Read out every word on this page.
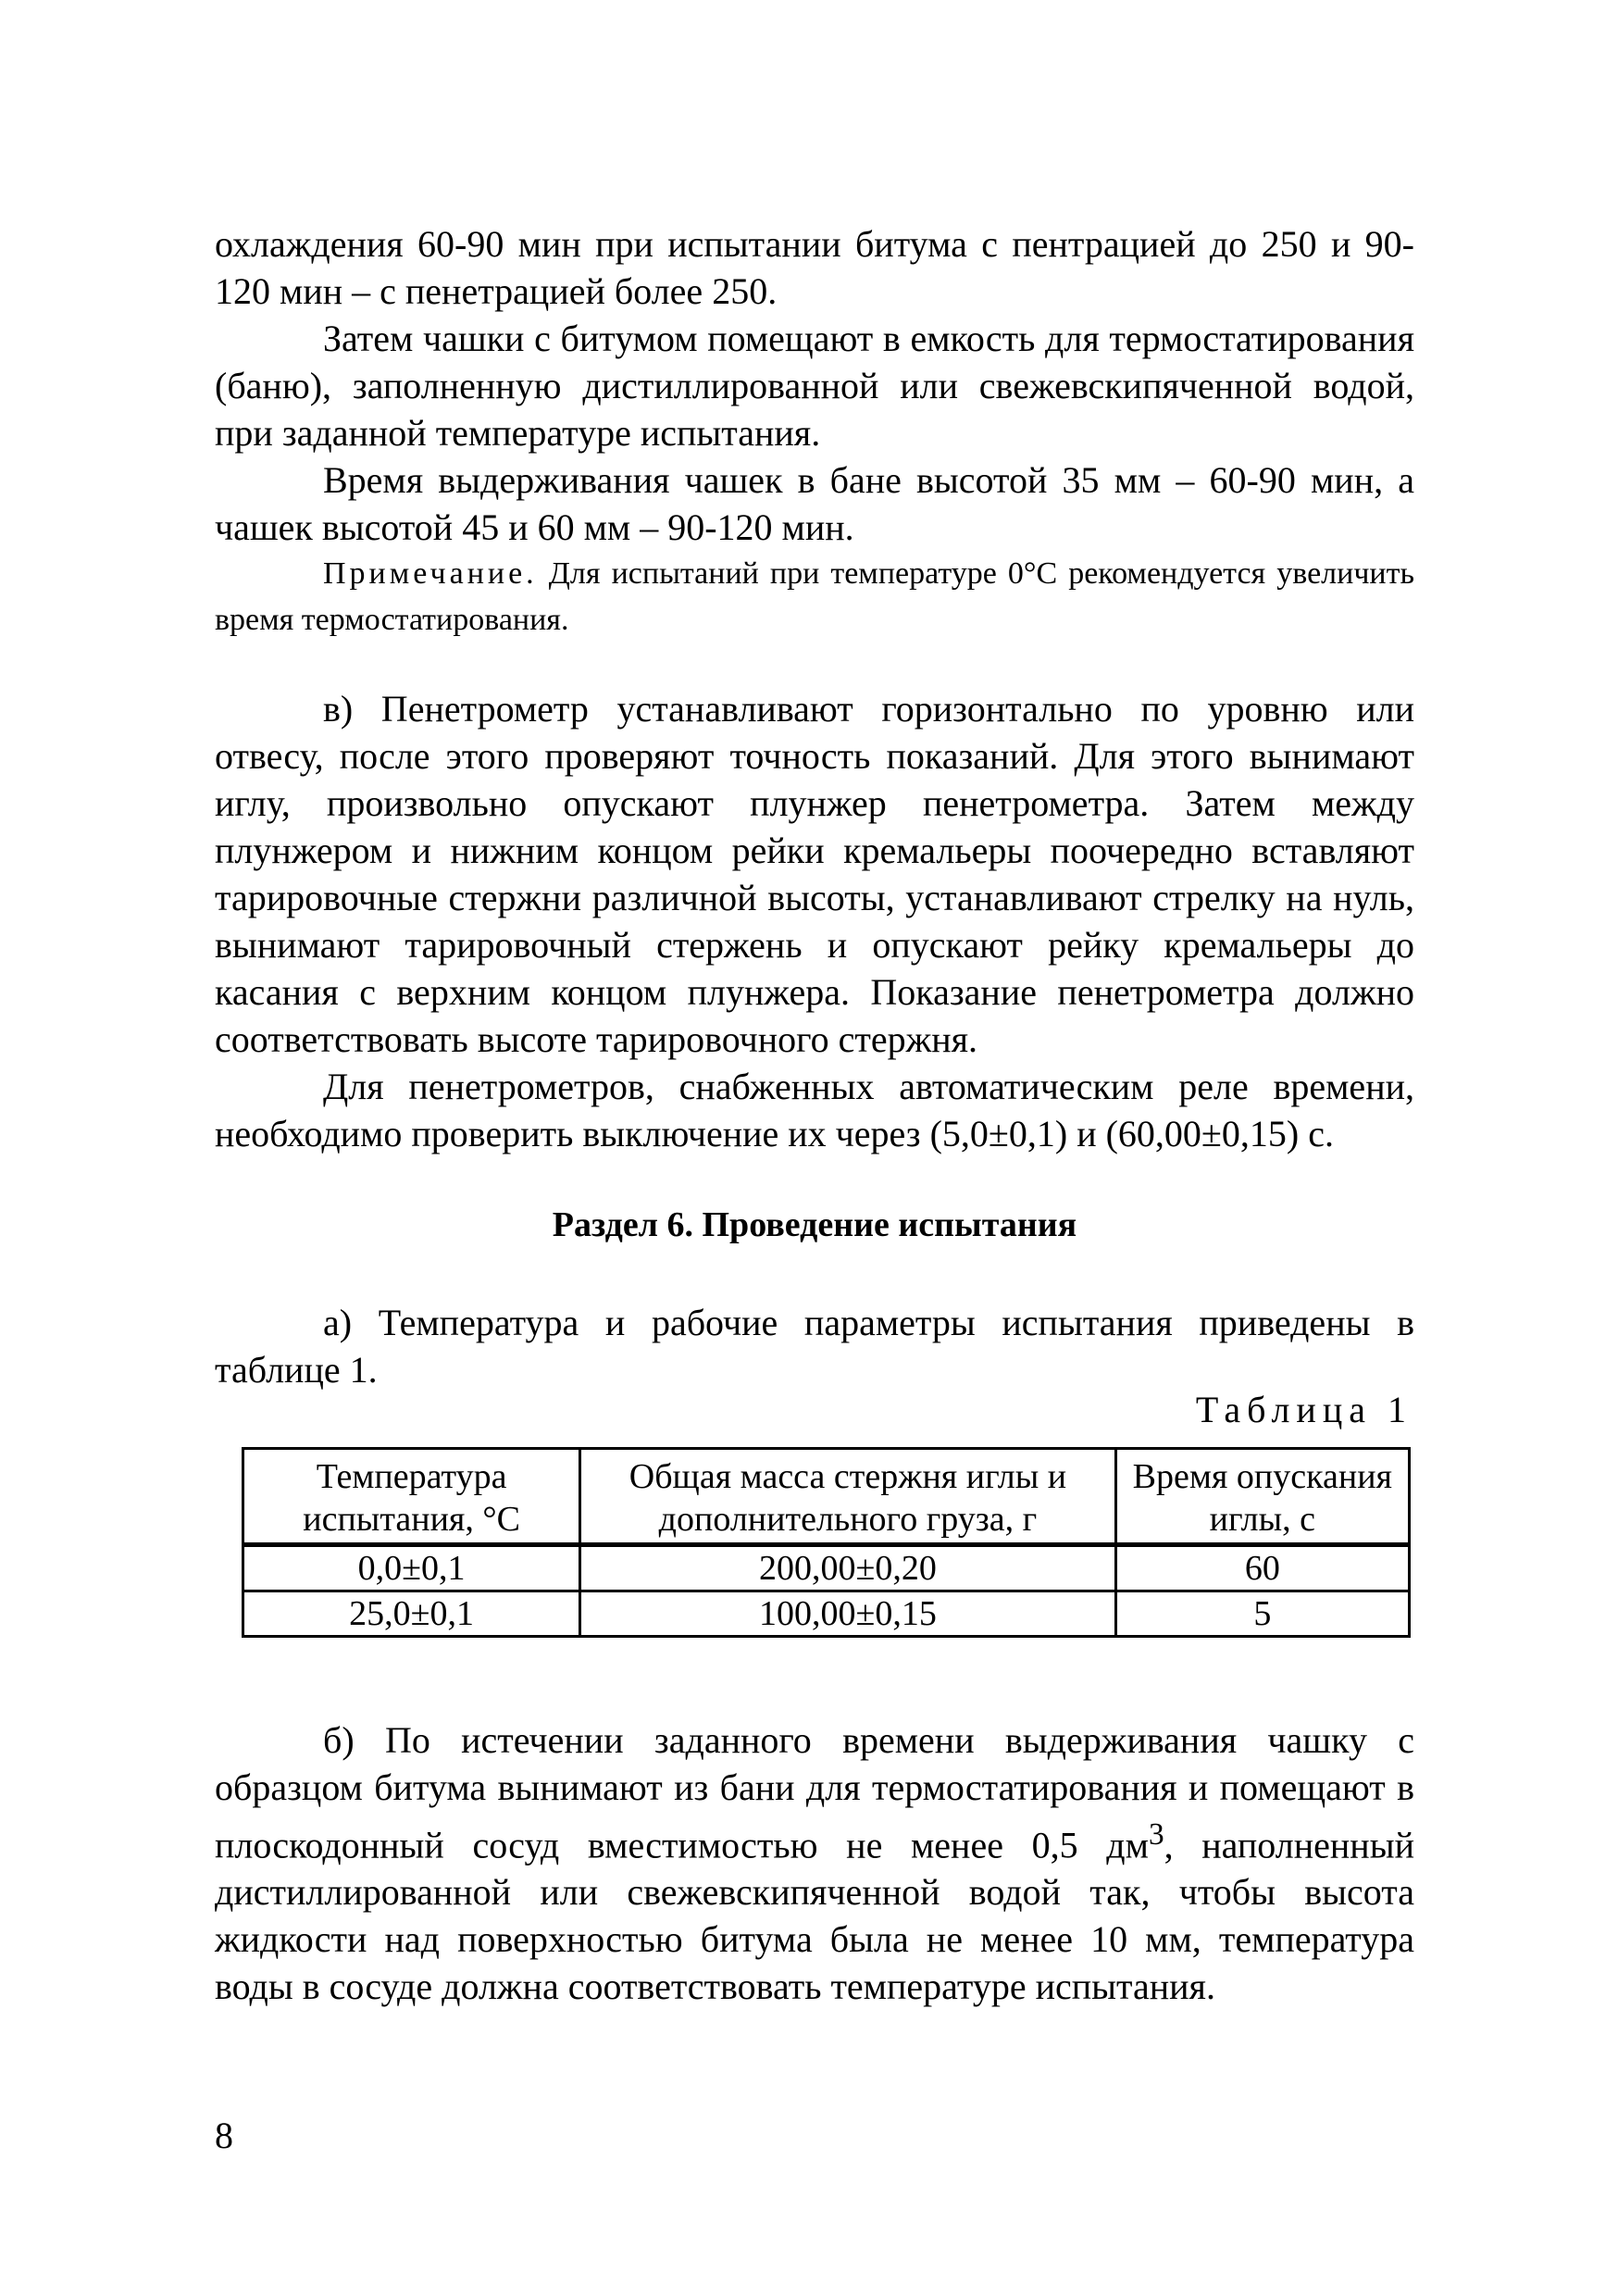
охлаждения 60-90 мин при испытании битума с пентрацией до 250 и 90-120 мин – с пенетрацией более 250.

Затем чашки с битумом помещают в емкость для термостатирования (баню), заполненную дистиллированной или свежевскипяченной водой, при заданной температуре испытания.

Время выдерживания чашек в бане высотой 35 мм – 60-90 мин, а чашек высотой 45 и 60 мм – 90-120 мин.

Примечание. Для испытаний при температуре 0°С рекомендуется увеличить время термостатирования.

в) Пенетрометр устанавливают горизонтально по уровню или отвесу, после этого проверяют точность показаний. Для этого вынимают иглу, произвольно опускают плунжер пенетрометра. Затем между плунжером и нижним концом рейки кремальеры поочередно вставляют тарировочные стержни различной высоты, устанавливают стрелку на нуль, вынимают тарировочный стержень и опускают рейку кремальеры до касания с верхним концом плунжера. Показание пенетрометра должно соответствовать высоте тарировочного стержня.

Для пенетрометров, снабженных автоматическим реле времени, необходимо проверить выключение их через (5,0±0,1) и (60,00±0,15) с.

Раздел 6. Проведение испытания

а) Температура и рабочие параметры испытания приведены в таблице 1.

Таблица 1
Температура испытания, °С	Общая масса стержня иглы и дополнительного груза, г	Время опускания иглы, с
0,0±0,1	200,00±0,20	60
25,0±0,1	100,00±0,15	5

б) По истечении заданного времени выдерживания чашку с образцом битума вынимают из бани для термостатирования и помещают в плоскодонный сосуд вместимостью не менее 0,5 $дм^3$, наполненный дистиллированной или свежевскипяченной водой так, чтобы высота жидкости над поверхностью битума была не менее 10 мм, температура воды в сосуде должна соответствовать температуре испытания.

8
